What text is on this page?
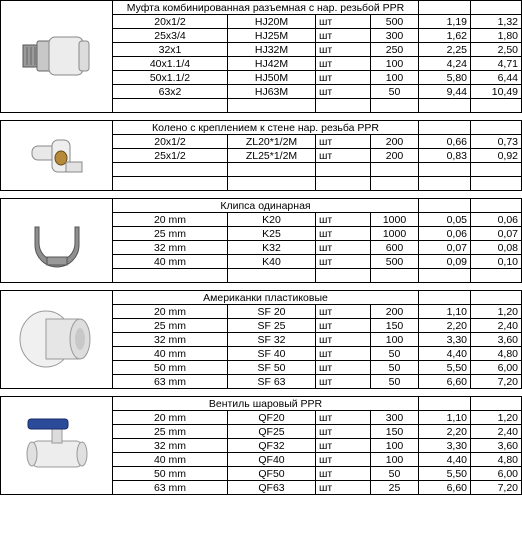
	Муфта комбинированная разъемная с нар. резьбой PPR					
	20x1/2	HJ20M	шт	500	1,19	1,32
	25x3/4	HJ25M	шт	300	1,62	1,80
	32x1	HJ32M	шт	250	2,25	2,50
	40x1.1/4	HJ42M	шт	100	4,24	4,71
	50x1.1/2	HJ50M	шт	100	5,80	6,44
	63x2	HJ63M	шт	50	9,44	10,49

	Колено с креплением к стене нар. резьба PPR					
	20x1/2	ZL20*1/2M	шт	200	0,66	0,73
	25x1/2	ZL25*1/2M	шт	200	0,83	0,92

	Клипса одинарная					
	20 mm	K20	шт	1000	0,05	0,06
	25 mm	K25	шт	1000	0,06	0,07
	32 mm	K32	шт	600	0,07	0,08
	40 mm	K40	шт	500	0,09	0,10

	Американки пластиковые					
	20 mm	SF 20	шт	200	1,10	1,20
	25 mm	SF 25	шт	150	2,20	2,40
	32 mm	SF 32	шт	100	3,30	3,60
	40 mm	SF 40	шт	50	4,40	4,80
	50 mm	SF 50	шт	50	5,50	6,00
	63 mm	SF 63	шт	50	6,60	7,20

	Вентиль шаровый PPR					
	20 mm	QF20	шт	300	1,10	1,20
	25 mm	QF25	шт	150	2,20	2,40
	32 mm	QF32	шт	100	3,30	3,60
	40 mm	QF40	шт	100	4,40	4,80
	50 mm	QF50	шт	50	5,50	6,00
	63 mm	QF63	шт	25	6,60	7,20
